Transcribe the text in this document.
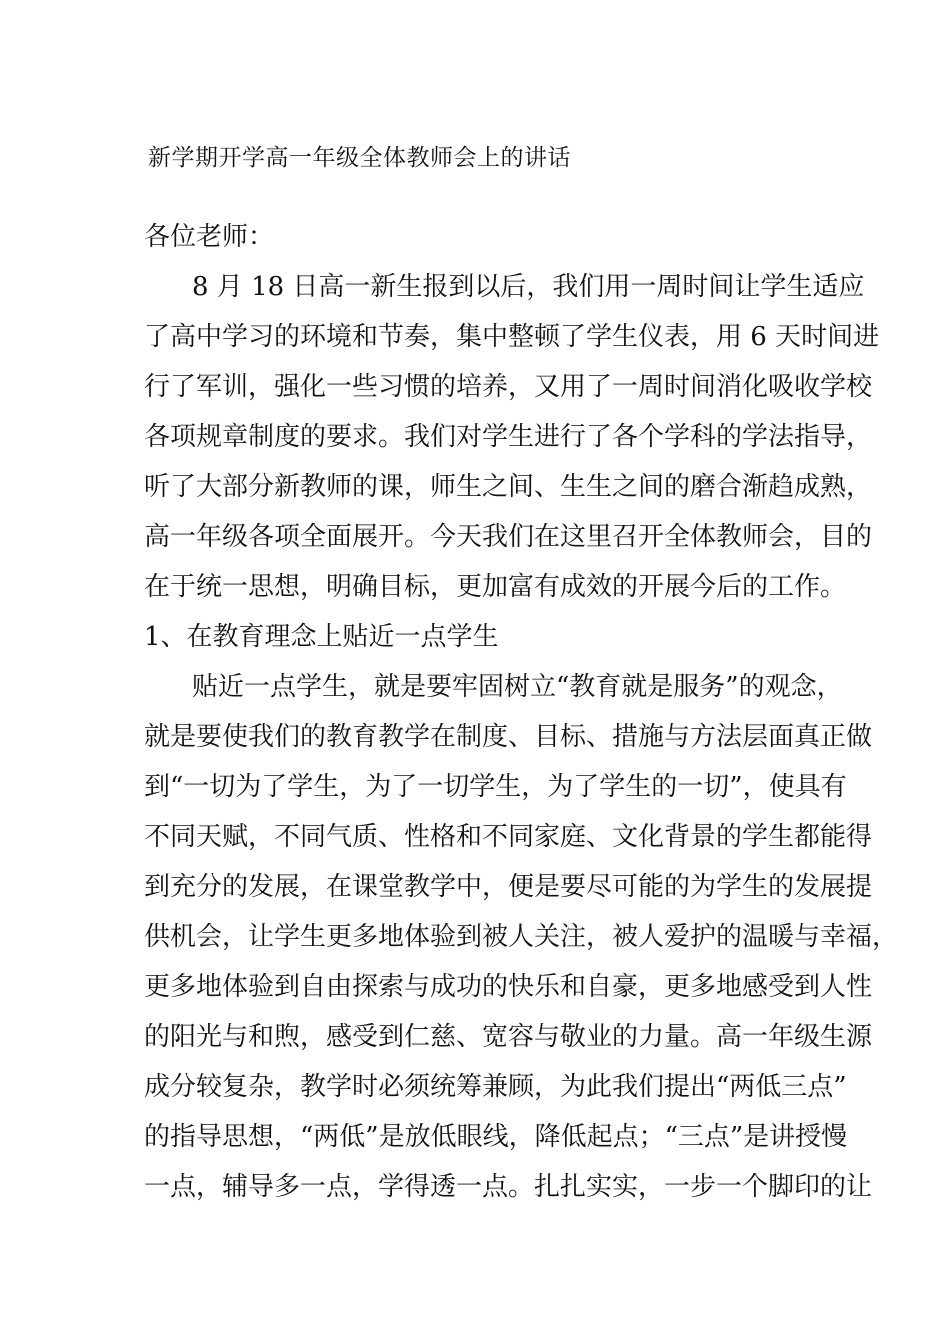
新学期开学高一年级全体教师会上的讲话
各位老师：
8 月 18 日高一新生报到以后，我们用一周时间让学生适应
了高中学习的环境和节奏，集中整顿了学生仪表，用 6 天时间进
行了军训，强化一些习惯的培养，又用了一周时间消化吸收学校
各项规章制度的要求。我们对学生进行了各个学科的学法指导，
听了大部分新教师的课，师生之间、生生之间的磨合渐趋成熟，
高一年级各项全面展开。今天我们在这里召开全体教师会，目的
在于统一思想，明确目标，更加富有成效的开展今后的工作。
1、在教育理念上贴近一点学生
贴近一点学生，就是要牢固树立“教育就是服务”的观念，
就是要使我们的教育教学在制度、目标、措施与方法层面真正做
到“一切为了学生，为了一切学生，为了学生的一切”，使具有
不同天赋，不同气质、性格和不同家庭、文化背景的学生都能得
到充分的发展，在课堂教学中，便是要尽可能的为学生的发展提
供机会，让学生更多地体验到被人关注，被人爱护的温暖与幸福，
更多地体验到自由探索与成功的快乐和自豪，更多地感受到人性
的阳光与和煦，感受到仁慈、宽容与敬业的力量。高一年级生源
成分较复杂，教学时必须统筹兼顾，为此我们提出“两低三点”
的指导思想，“两低”是放低眼线，降低起点；“三点”是讲授慢
一点，辅导多一点，学得透一点。扎扎实实，一步一个脚印的让
